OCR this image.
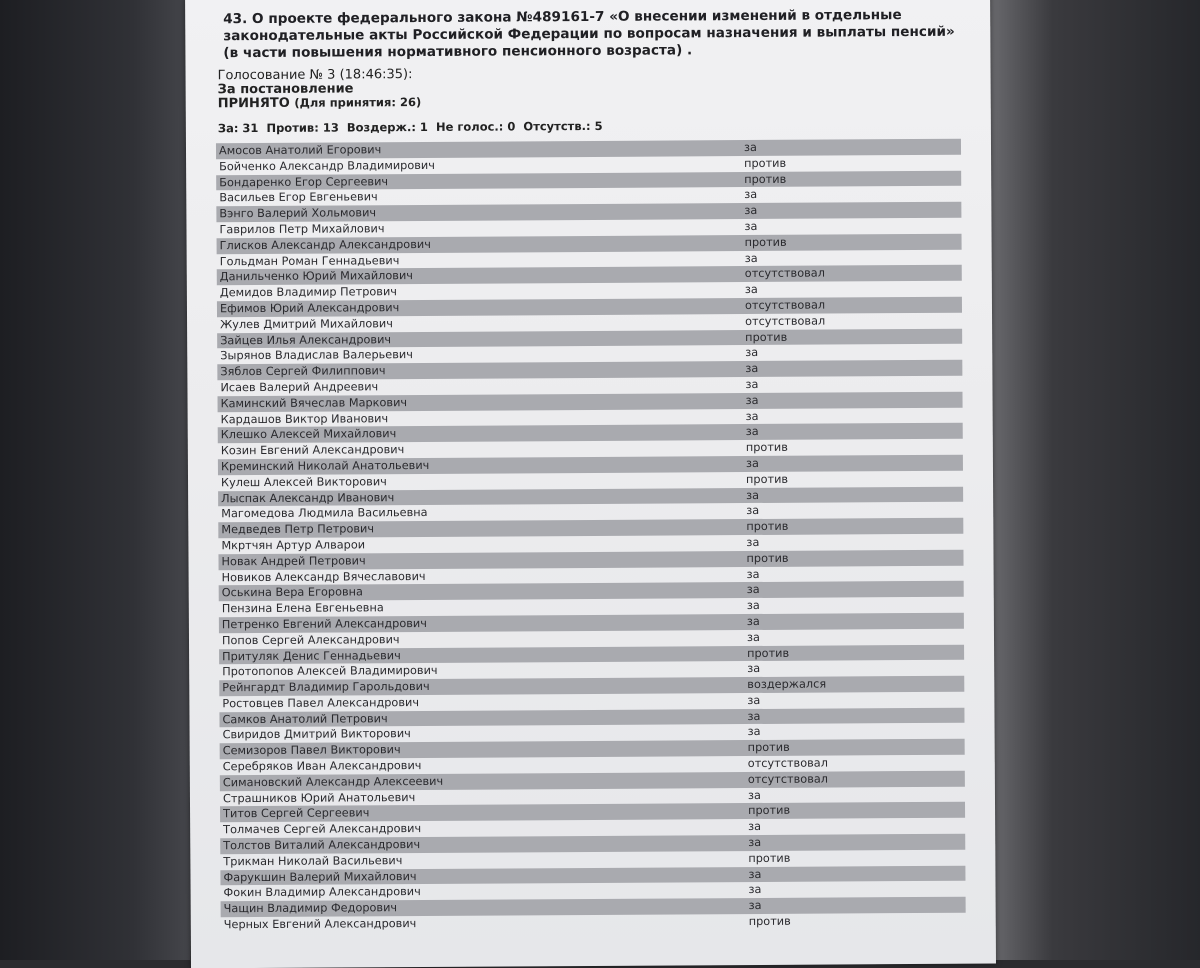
43. О проекте федерального закона №489161-7 «О внесении изменений в отдельные законодательные акты Российской Федерации по вопросам назначения и выплаты пенсий» (в части повышения нормативного пенсионного возраста) .
Голосование № 3 (18:46:35):
За постановление
ПРИНЯТО (Для принятия: 26)
За: 31 Против: 13 Воздерж.: 1 Не голос.: 0 Отсутств.: 5
Амосов Анатолий Егорович	за
Бойченко Александр Владимирович	против
Бондаренко Егор Сергеевич	против
Васильев Егор Евгеньевич	за
Вэнго Валерий Хольмович	за
Гаврилов Петр Михайлович	за
Глисков Александр Александрович	против
Гольдман Роман Геннадьевич	за
Данильченко Юрий Михайлович	отсутствовал
Демидов Владимир Петрович	за
Ефимов Юрий Александрович	отсутствовал
Жулев Дмитрий Михайлович	отсутствовал
Зайцев Илья Александрович	против
Зырянов Владислав Валерьевич	за
Зяблов Сергей Филиппович	за
Исаев Валерий Андреевич	за
Каминский Вячеслав Маркович	за
Кардашов Виктор Иванович	за
Клешко Алексей Михайлович	за
Козин Евгений Александрович	против
Креминский Николай Анатольевич	за
Кулеш Алексей Викторович	против
Лыспак Александр Иванович	за
Магомедова Людмила Васильевна	за
Медведев Петр Петрович	против
Мкртчян Артур Алварои	за
Новак Андрей Петрович	против
Новиков Александр Вячеславович	за
Оськина Вера Егоровна	за
Пензина Елена Евгеньевна	за
Петренко Евгений Александрович	за
Попов Сергей Александрович	за
Притуляк Денис Геннадьевич	против
Протопопов Алексей Владимирович	за
Рейнгардт Владимир Гарольдович	воздержался
Ростовцев Павел Александрович	за
Самков Анатолий Петрович	за
Свиридов Дмитрий Викторович	за
Семизоров Павел Викторович	против
Серебряков Иван Александрович	отсутствовал
Симановский Александр Алексеевич	отсутствовал
Страшников Юрий Анатольевич	за
Титов Сергей Сергеевич	против
Толмачев Сергей Александрович	за
Толстов Виталий Александрович	за
Трикман Николай Васильевич	против
Фарукшин Валерий Михайлович	за
Фокин Владимир Александрович	за
Чащин Владимир Федорович	за
Черных Евгений Александрович	против
